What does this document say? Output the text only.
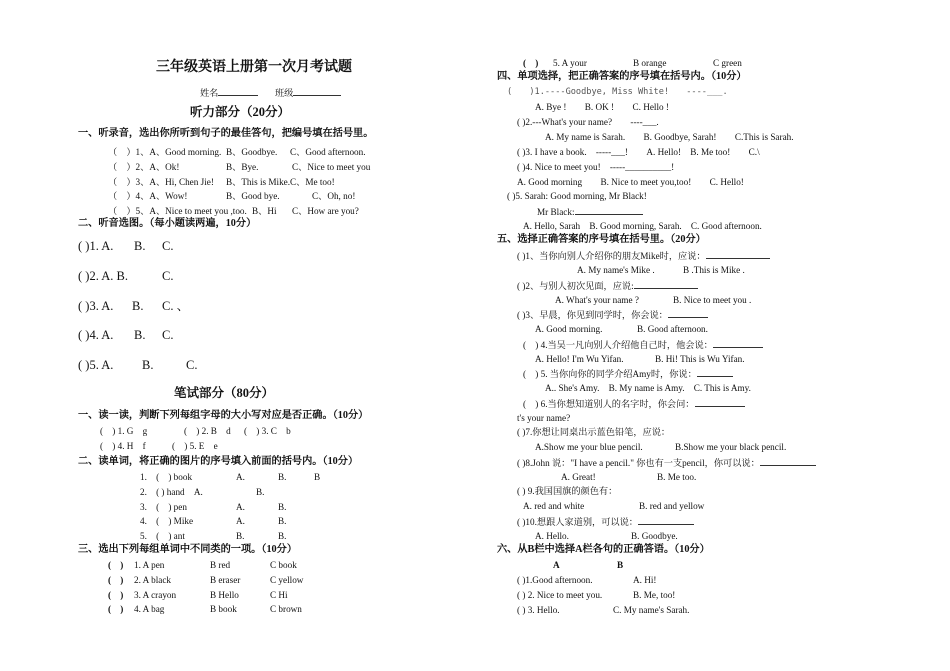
三年级英语上册第一次月考试题
姓名	班级
听力部分（20分）
一、听录音，选出你所听到句子的最佳答句，把编号填在括号里。
（　）1、A、Good morning. B、Goodbye. C、Good afternoon.
（　）2、A、Ok!	B、Bye.	C、Nice to meet you
（　）3、A、Hi, Chen Jie! B、This is Mike.C、Me too!
（　）4、A、Wow!	B、Good bye.	C、Oh, no!
（　）5、A、Nice to meet you ,too. B、Hi C、How are you?
二、听音选图。（每小题读两遍，10分）
( )1. A. B. C.
( )2. A. B.	C.
( )3. A. B. C. 、
( )4. A. B. C.
( )5. A. B.	C.
笔试部分（80分）
一、读一读，判断下列每组字母的大小写对应是否正确。（10分）
(　) 1. G　g	(　) 2. B　d (　) 3. C　b
(　) 4. H　f	(　) 5. E　e
二、读单词，将正确的图片的序号填入前面的括号内。（10分）
1.　(　) book	A.	B.	B
2.　( ) hand　A.	B.
3.　(　) pen	A.	B.
4.　(　) Mike	A.	B.
5.　(　) ant	B.	B.
三、选出下列每组单词中不同类的一项。（10分）
(　) 1. A pen	B red	C book
(　) 2. A black	B eraser	C yellow
(　) 3. A crayon	B Hello	C Hi
(　) 4. A bag	B book	C brown
(　) 5. A your	B orange	C green
四、单项选择，把正确答案的序号填在括号内。（10分）
(　　)1.----Goodbye, Miss White!　　----___.
A. Bye !　　B. OK !　　C. Hello !
( )2.---What's your name?　　----___.
A. My name is Sarah.　　B. Goodbye, Sarah!　　C.This is Sarah.
( )3. I have a book.　-----___!　　A. Hello!　B. Me too!　　C.\
( )4. Nice to meet you!　-----__________!
A. Good morning　　B. Nice to meet you,too!　　C. Hello!
( )5. Sarah: Good morning, Mr Black!
Mr Black:
A. Hello, Sarah　B. Good morning, Sarah.　C. Good afternoon.
五、选择正确答案的序号填在括号里。（20分）
( )1、当你向别人介绍你的朋友Mike时，应说：
A. My name's Mike .	B .This is Mike .
( )2、与别人初次见面，应说:
A. What's your name ?	B. Nice to meet you .
( )3、早晨，你见到同学时，你会说：
A. Good morning.	B. Good afternoon.
(　) 4.当吴一凡向别人介绍他自己时，他会说：
A. Hello! I'm Wu Yifan.	B. Hi! This is Wu Yifan.
(　) 5. 当你向你的同学介绍Amy时，你说：
A.. She's Amy.　B. My name is Amy.　C. This is Amy.
(　) 6.当你想知道别人的名字时，你会问：
t's your name?
( )7.你想让同桌出示蓝色铅笔，应说：
A.Show me your blue pencil.	B.Show me your black pencil.
( )8.John 说："I have a pencil." 你也有一支pencil，你可以说：
A. Great!	B. Me too.
( ) 9.我国国旗的颜色有：
A. red and white	B. red and yellow
( )10.想跟人家道别，可以说：
A. Hello.	B. Goodbye.
六、从B栏中选择A栏各句的正确答语。（10分）
A	B
( )1.Good afternoon.	A. Hi!
( ) 2. Nice to meet you.	B. Me, too!
( ) 3. Hello.	C. My name's Sarah.
